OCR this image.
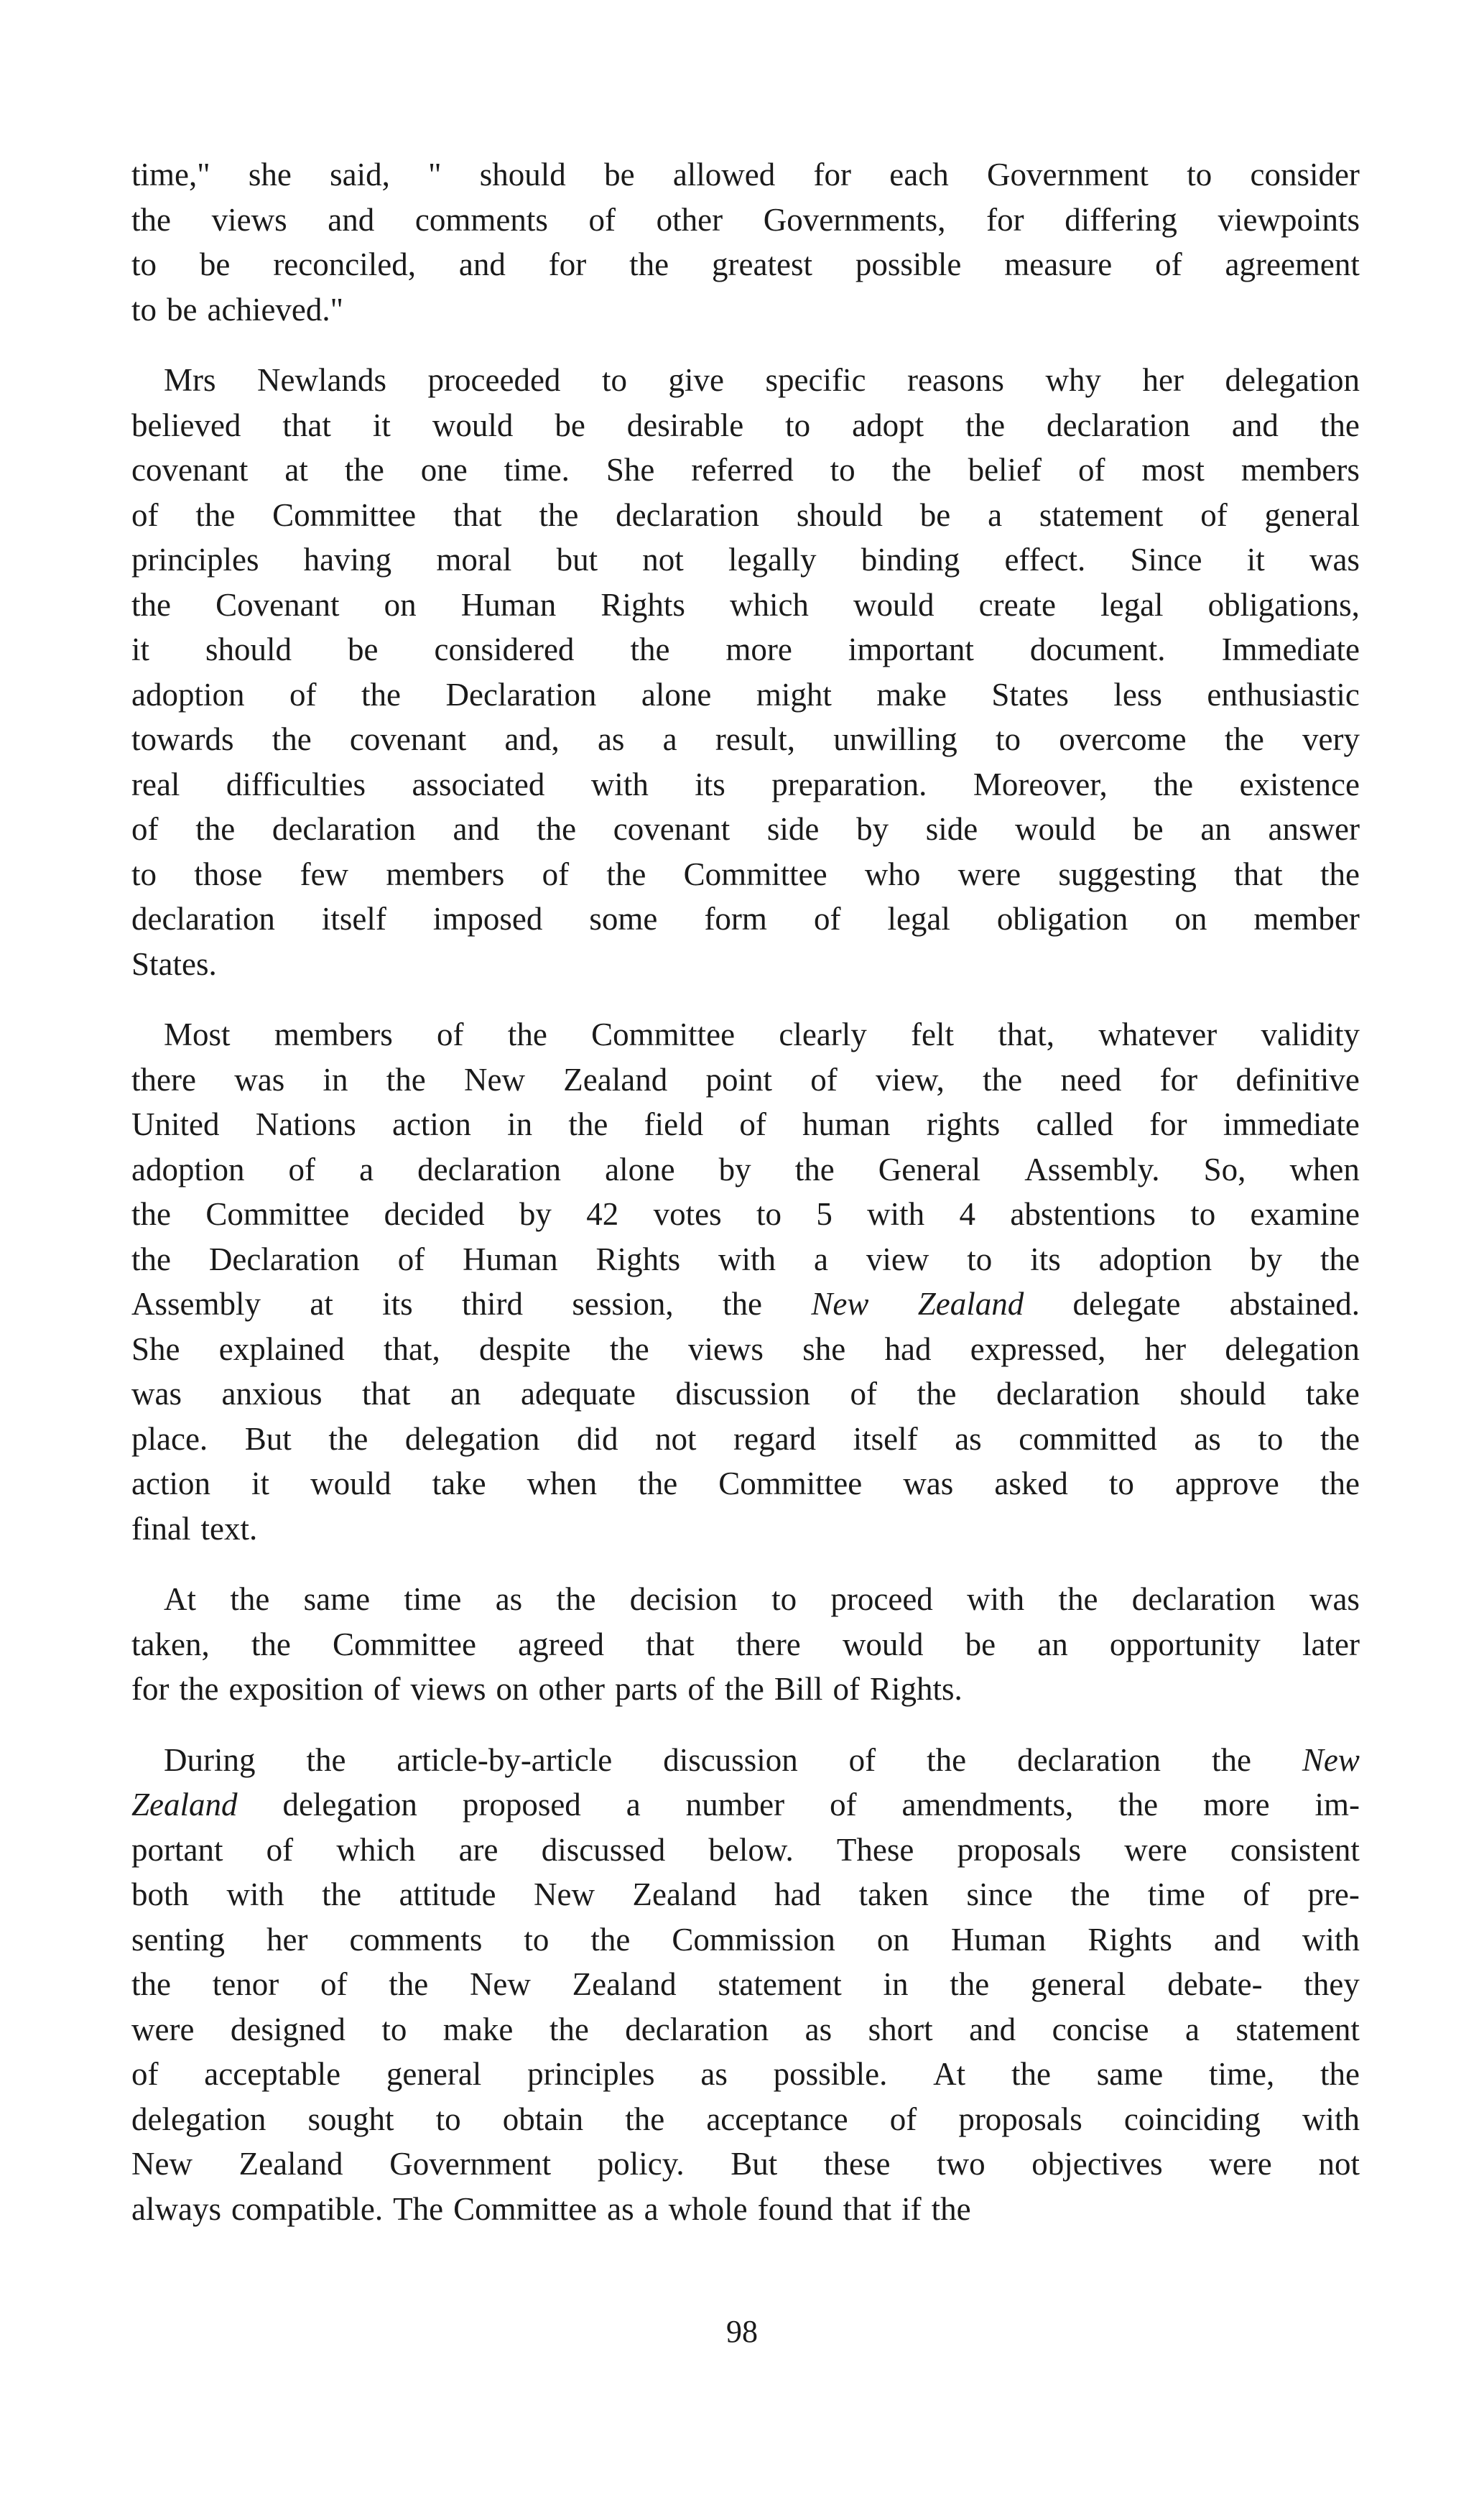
time," she said, " should be allowed for each Government to consider
the views and comments of other Governments, for differing viewpoints
to be reconciled, and for the greatest possible measure of agreement
to be achieved."
Mrs Newlands proceeded to give specific reasons why her delegation
believed that it would be desirable to adopt the declaration and the
covenant at the one time. She referred to the belief of most members
of the Committee that the declaration should be a statement of general
principles having moral but not legally binding effect. Since it was
the Covenant on Human Rights which would create legal obligations,
it should be considered the more important document. Immediate
adoption of the Declaration alone might make States less enthusiastic
towards the covenant and, as a result, unwilling to overcome the very
real difficulties associated with its preparation. Moreover, the existence
of the declaration and the covenant side by side would be an answer
to those few members of the Committee who were suggesting that the
declaration itself imposed some form of legal obligation on member
States.
Most members of the Committee clearly felt that, whatever validity
there was in the New Zealand point of view, the need for definitive
United Nations action in the field of human rights called for immediate
adoption of a declaration alone by the General Assembly. So, when
the Committee decided by 42 votes to 5 with 4 abstentions to examine
the Declaration of Human Rights with a view to its adoption by the
Assembly at its third session, the New Zealand delegate abstained.
She explained that, despite the views she had expressed, her delegation
was anxious that an adequate discussion of the declaration should take
place. But the delegation did not regard itself as committed as to the
action it would take when the Committee was asked to approve the
final text.
At the same time as the decision to proceed with the declaration was
taken, the Committee agreed that there would be an opportunity later
for the exposition of views on other parts of the Bill of Rights.
During the article-by-article discussion of the declaration the New
Zealand delegation proposed a number of amendments, the more im-
portant of which are discussed below. These proposals were consistent
both with the attitude New Zealand had taken since the time of pre-
senting her comments to the Commission on Human Rights and with
the tenor of the New Zealand statement in the general debate- they
were designed to make the declaration as short and concise a statement
of acceptable general principles as possible. At the same time, the
delegation sought to obtain the acceptance of proposals coinciding with
New Zealand Government policy. But these two objectives were not
always compatible. The Committee as a whole found that if the
98
